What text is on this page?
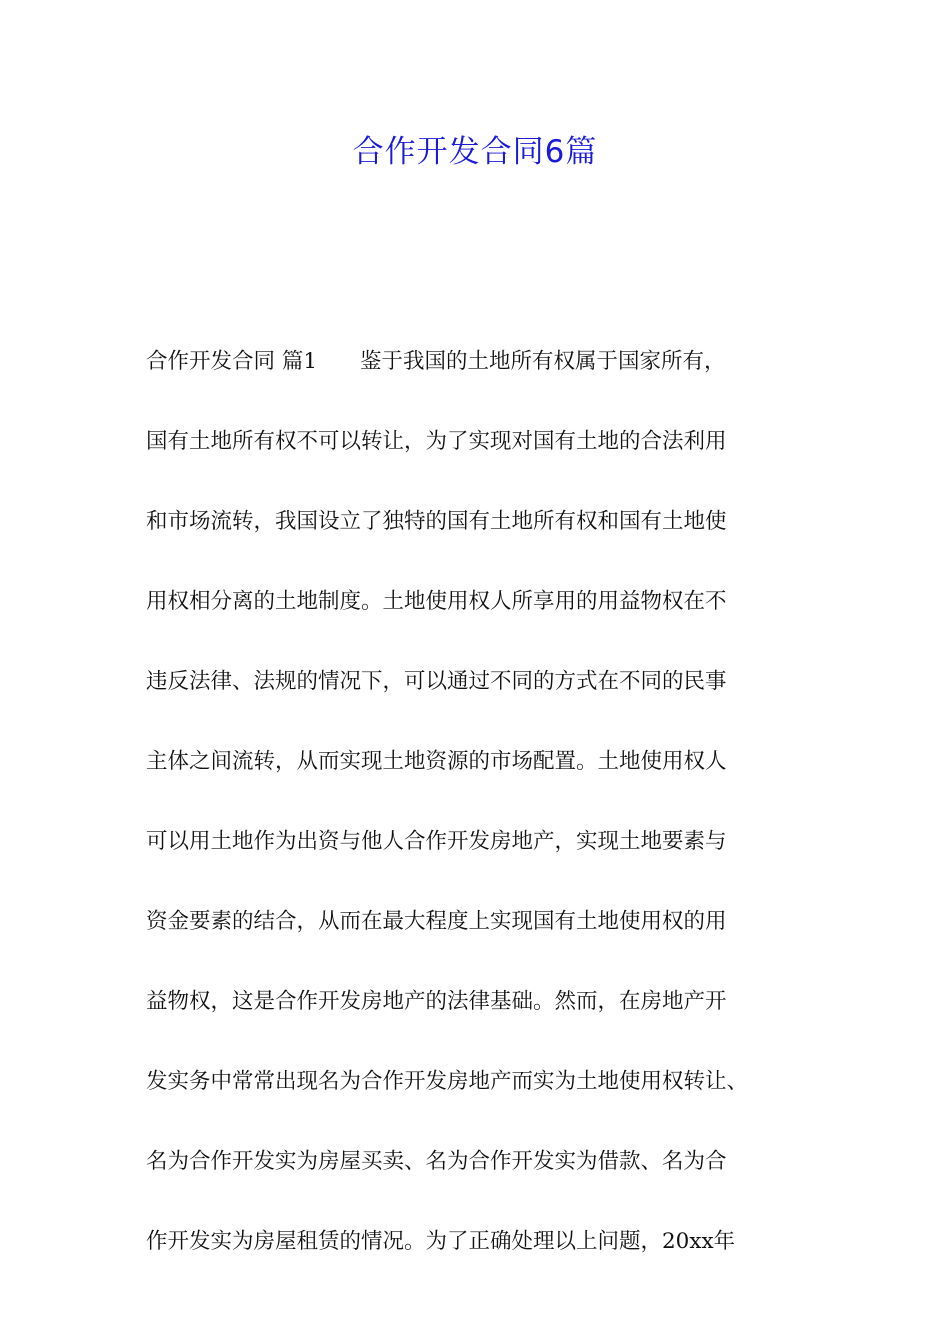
合作开发合同6篇
合作开发合同 篇1　　鉴于我国的土地所有权属于国家所有，
国有土地所有权不可以转让，为了实现对国有土地的合法利用
和市场流转，我国设立了独特的国有土地所有权和国有土地使
用权相分离的土地制度。土地使用权人所享用的用益物权在不
违反法律、法规的情况下，可以通过不同的方式在不同的民事
主体之间流转，从而实现土地资源的市场配置。土地使用权人
可以用土地作为出资与他人合作开发房地产，实现土地要素与
资金要素的结合，从而在最大程度上实现国有土地使用权的用
益物权，这是合作开发房地产的法律基础。然而，在房地产开
发实务中常常出现名为合作开发房地产而实为土地使用权转让、
名为合作开发实为房屋买卖、名为合作开发实为借款、名为合
作开发实为房屋租赁的情况。为了正确处理以上问题，20xx年
